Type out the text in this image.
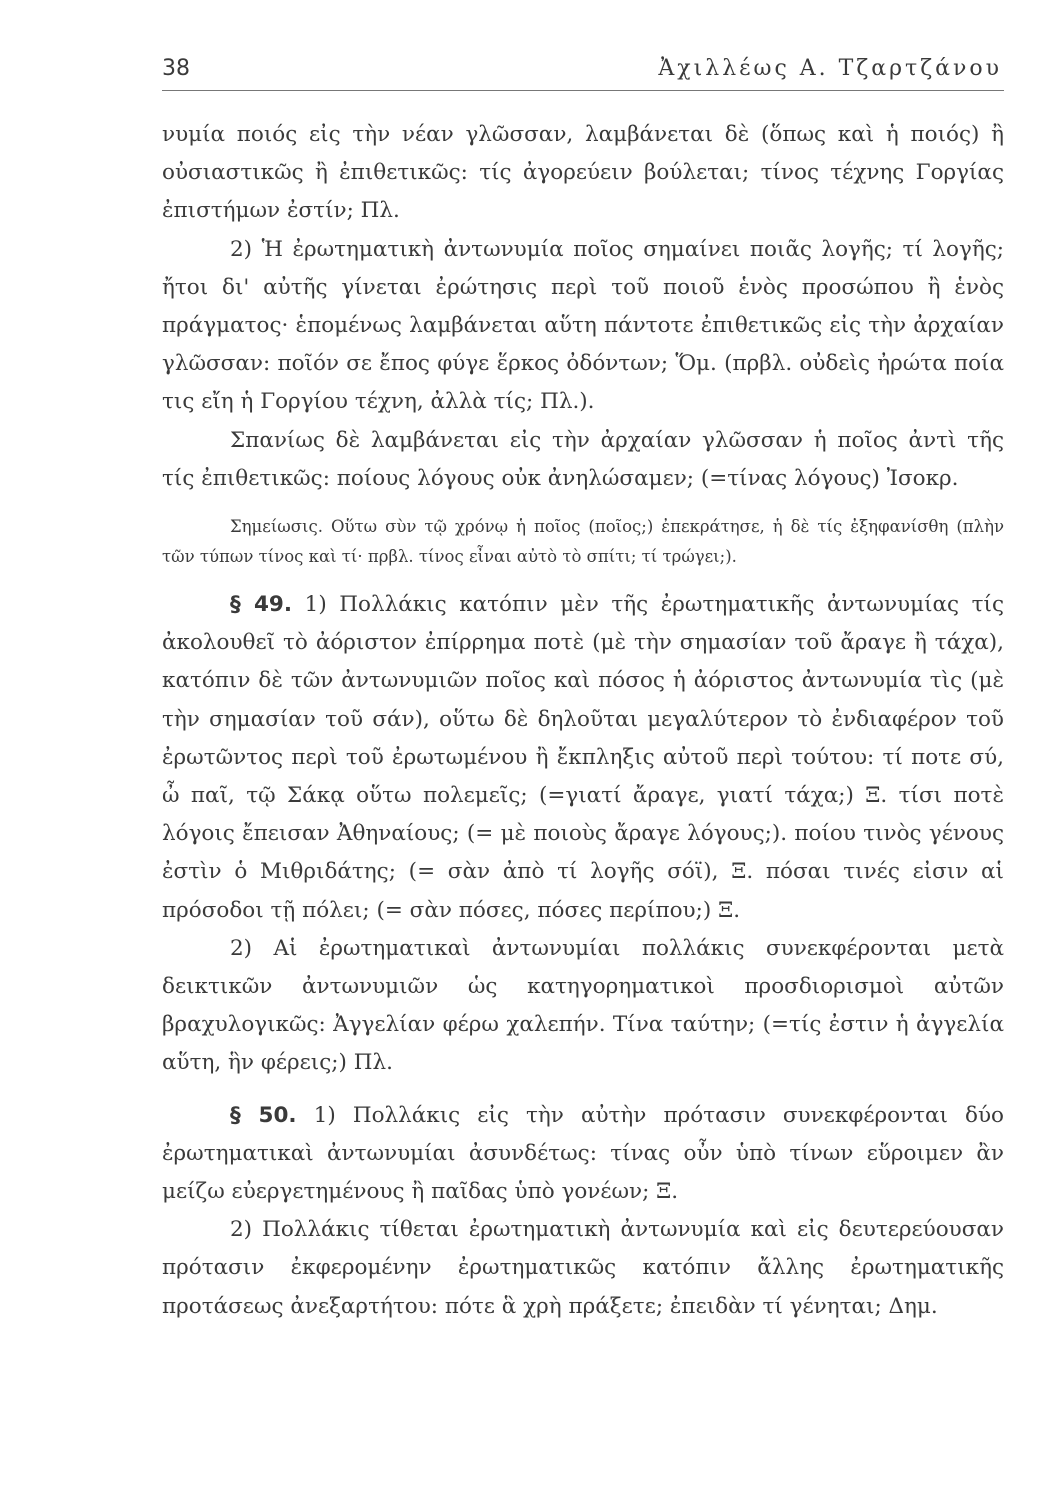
38	Ἀχιλλέως Α. Τζαρτζάνου

νυμία ποιός εἰς τὴν νέαν γλῶσσαν, λαμβάνεται δὲ (ὅπως καὶ ἡ ποιός) ἢ οὐσιαστικῶς ἢ ἐπιθετικῶς: τίς ἀγορεύειν βούλεται; τίνος τέχνης Γοργίας ἐπιστήμων ἐστίν; Πλ.

2) Ἡ ἐρωτηματικὴ ἀντωνυμία ποῖος σημαίνει ποιᾶς λογῆς; τί λογῆς; ἤτοι δι' αὐτῆς γίνεται ἐρώτησις περὶ τοῦ ποιοῦ ἑνὸς προσώπου ἢ ἑνὸς πράγματος· ἑπομένως λαμβάνεται αὕτη πάντοτε ἐπιθετικῶς εἰς τὴν ἀρχαίαν γλῶσσαν: ποῖόν σε ἔπος φύγε ἕρκος ὀδόντων; Ὅμ. (πρβλ. οὐδεὶς ἠρώτα ποία τις εἴη ἡ Γοργίου τέχνη, ἀλλὰ τίς; Πλ.).

Σπανίως δὲ λαμβάνεται εἰς τὴν ἀρχαίαν γλῶσσαν ἡ ποῖος ἀντὶ τῆς τίς ἐπιθετικῶς: ποίους λόγους οὐκ ἀνηλώσαμεν; (=τίνας λόγους) Ἰσοκρ.

Σημείωσις. Οὕτω σὺν τῷ χρόνῳ ἡ ποῖος (ποῖος;) ἐπεκράτησε, ἡ δὲ τίς ἐξηφανίσθη (πλὴν τῶν τύπων τίνος καὶ τί· πρβλ. τίνος εἶναι αὐτὸ τὸ σπίτι; τί τρώγει;).

§ 49. 1) Πολλάκις κατόπιν μὲν τῆς ἐρωτηματικῆς ἀντωνυμίας τίς ἀκολουθεῖ τὸ ἀόριστον ἐπίρρημα ποτὲ (μὲ τὴν σημασίαν τοῦ ἄραγε ἢ τάχα), κατόπιν δὲ τῶν ἀντωνυμιῶν ποῖος καὶ πόσος ἡ ἀόριστος ἀντωνυμία τὶς (μὲ τὴν σημασίαν τοῦ σάν), οὕτω δὲ δηλοῦται μεγαλύτερον τὸ ἐνδιαφέρον τοῦ ἐρωτῶντος περὶ τοῦ ἐρωτωμένου ἢ ἔκπληξις αὐτοῦ περὶ τούτου: τί ποτε σύ, ὦ παῖ, τῷ Σάκᾳ οὕτω πολεμεῖς; (=γιατί ἄραγε, γιατί τάχα;) Ξ. τίσι ποτὲ λόγοις ἔπεισαν Ἀθηναίους; (= μὲ ποιοὺς ἄραγε λόγους;). ποίου τινὸς γένους ἐστὶν ὁ Μιθριδάτης; (= σὰν ἀπὸ τί λογῆς σόϊ), Ξ. πόσαι τινές εἰσιν αἱ πρόσοδοι τῇ πόλει; (= σὰν πόσες, πόσες περίπου;) Ξ.

2) Αἱ ἐρωτηματικαὶ ἀντωνυμίαι πολλάκις συνεκφέρονται μετὰ δεικτικῶν ἀντωνυμιῶν ὡς κατηγορηματικοὶ προσδιορισμοὶ αὐτῶν βραχυλογικῶς: Ἀγγελίαν φέρω χαλεπήν. Τίνα ταύτην; (=τίς ἐστιν ἡ ἀγγελία αὕτη, ἣν φέρεις;) Πλ.

§ 50. 1) Πολλάκις εἰς τὴν αὐτὴν πρότασιν συνεκφέρονται δύο ἐρωτηματικαὶ ἀντωνυμίαι ἀσυνδέτως: τίνας οὖν ὑπὸ τίνων εὕροιμεν ἂν μείζω εὐεργετημένους ἢ παῖδας ὑπὸ γονέων; Ξ.

2) Πολλάκις τίθεται ἐρωτηματικὴ ἀντωνυμία καὶ εἰς δευτερεύουσαν πρότασιν ἐκφερομένην ἐρωτηματικῶς κατόπιν ἄλλης ἐρωτηματικῆς προτάσεως ἀνεξαρτήτου: πότε ἃ χρὴ πράξετε; ἐπειδὰν τί γένηται; Δημ.
